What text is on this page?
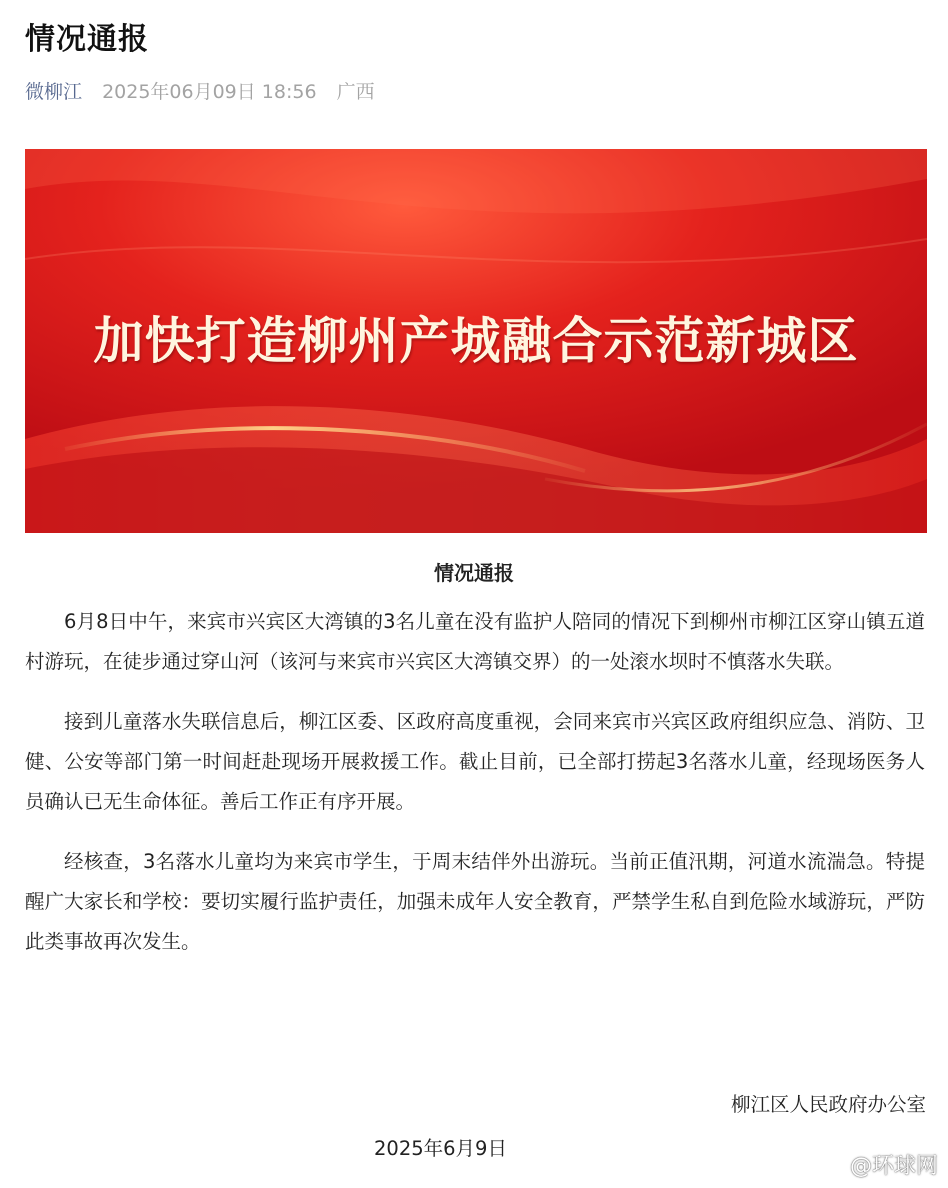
情况通报
微柳江 2025年06月09日 18:56 广西
加快打造柳州产城融合示范新城区
情况通报

6月8日中午，来宾市兴宾区大湾镇的3名儿童在没有监护人陪同的情况下到柳州市柳江区穿山镇五道村游玩，在徒步通过穿山河（该河与来宾市兴宾区大湾镇交界）的一处滚水坝时不慎落水失联。

接到儿童落水失联信息后，柳江区委、区政府高度重视，会同来宾市兴宾区政府组织应急、消防、卫健、公安等部门第一时间赶赴现场开展救援工作。截止目前，已全部打捞起3名落水儿童，经现场医务人员确认已无生命体征。善后工作正有序开展。

经核查，3名落水儿童均为来宾市学生，于周末结伴外出游玩。当前正值汛期，河道水流湍急。特提醒广大家长和学校：要切实履行监护责任，加强未成年人安全教育，严禁学生私自到危险水域游玩，严防此类事故再次发生。

柳江区人民政府办公室
2025年6月9日
@环球网
